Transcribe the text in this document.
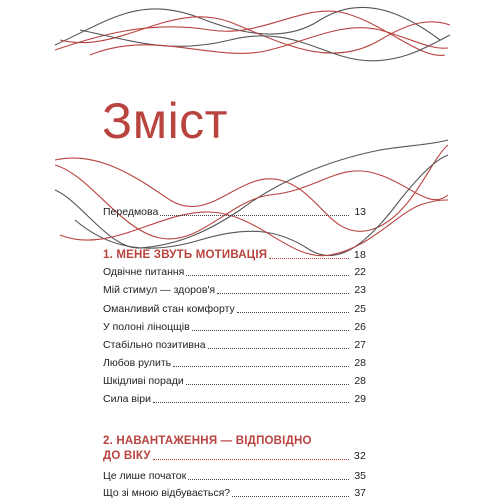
Зміст
Передмова	13
1. МЕНЕ ЗВУТЬ МОТИВАЦІЯ	18
Одвічне питання	22
Мій стимул — здоров'я	23
Оманливий стан комфорту	25
У полоні ліноцщів	26
Стабільно позитивна	27
Любов рулить	28
Шкідливі поради	28
Сила віри	29
2. НАВАНТАЖЕННЯ — ВІДПОВІДНО
ДО ВІКУ	32
Це лише початок	35
Що зі мною відбувається?	37
